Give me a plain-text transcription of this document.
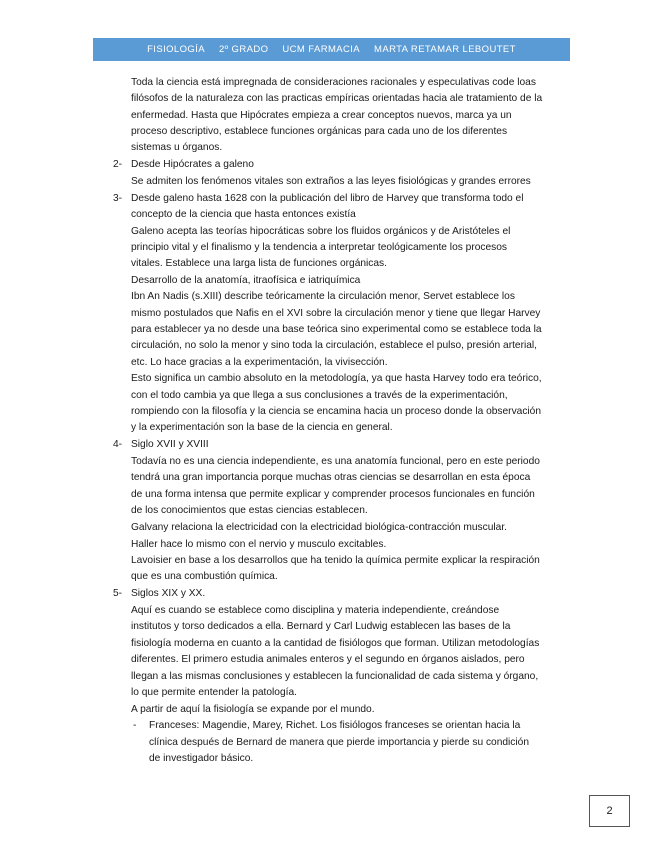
FISIOLOGÍA 2º GRADO UCM FARMACIA MARTA RETAMAR LEBOUTET
2-
3-
4-
5-
-
Toda la ciencia está impregnada de consideraciones racionales y especulativas code loas
filósofos de la naturaleza con las practicas empíricas orientadas hacia ale tratamiento de la
enfermedad. Hasta que Hipócrates empieza a crear conceptos nuevos, marca ya un
proceso descriptivo, establece funciones orgánicas para cada uno de los diferentes
sistemas u órganos.
Desde Hipócrates a galeno
Se admiten los fenómenos vitales son extraños a las leyes fisiológicas y grandes errores
Desde galeno hasta 1628 con la publicación del libro de Harvey que transforma todo el
concepto de la ciencia que hasta entonces existía
Galeno acepta las teorías hipocráticas sobre los fluidos orgánicos y de Aristóteles el
principio vital y el finalismo y la tendencia a interpretar teológicamente los procesos
vitales. Establece una larga lista de funciones orgánicas.
Desarrollo de la anatomía, itraofísica e iatriquímica
Ibn An Nadis (s.XIII) describe teóricamente la circulación menor, Servet establece los
mismo postulados que Nafis en el XVI sobre la circulación menor y tiene que llegar Harvey
para establecer ya no desde una base teórica sino experimental como se establece toda la
circulación, no solo la menor y sino toda la circulación, establece el pulso, presión arterial,
etc. Lo hace gracias a la experimentación, la vivisección.
Esto significa un cambio absoluto en la metodología, ya que hasta Harvey todo era teórico,
con el todo cambia ya que llega a sus conclusiones a través de la experimentación,
rompiendo con la filosofía y la ciencia se encamina hacia un proceso donde la observación
y la experimentación son la base de la ciencia en general.
Siglo XVII y XVIII
Todavía no es una ciencia independiente, es una anatomía funcional, pero en este periodo
tendrá una gran importancia porque muchas otras ciencias se desarrollan en esta época
de una forma intensa que permite explicar y comprender procesos funcionales en función
de los conocimientos que estas ciencias establecen.
Galvany relaciona la electricidad con la electricidad biológica-contracción muscular.
Haller hace lo mismo con el nervio y musculo excitables.
Lavoisier en base a los desarrollos que ha tenido la química permite explicar la respiración
que es una combustión química.
Siglos XIX y XX.
Aquí es cuando se establece como disciplina y materia independiente, creándose
institutos y torso dedicados a ella. Bernard y Carl Ludwig establecen las bases de la
fisiología moderna en cuanto a la cantidad de fisiólogos que forman. Utilizan metodologías
diferentes. El primero estudia animales enteros y el segundo en órganos aislados, pero
llegan a las mismas conclusiones y establecen la funcionalidad de cada sistema y órgano,
lo que permite entender la patología.
A partir de aquí la fisiología se expande por el mundo.
Franceses: Magendie, Marey, Richet. Los fisiólogos franceses se orientan hacia la
clínica después de Bernard de manera que pierde importancia y pierde su condición
de investigador básico.
2
